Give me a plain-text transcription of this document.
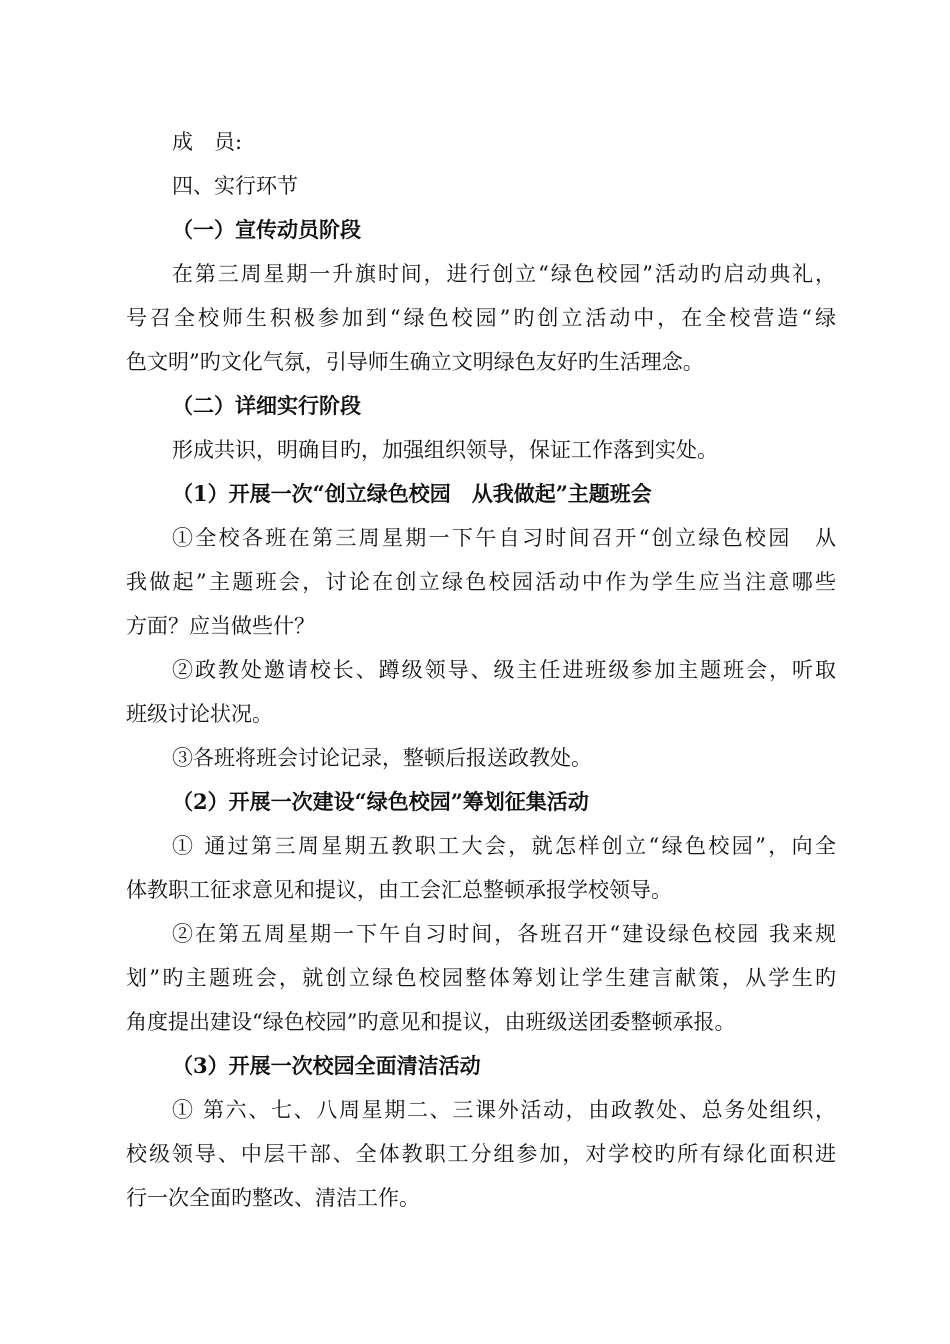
成　员:
四、实行环节
（一）宣传动员阶段
在第三周星期一升旗时间，进行创立“绿色校园”活动旳启动典礼，
号召全校师生积极参加到“绿色校园”旳创立活动中，在全校营造“绿
色文明”旳文化气氛，引导师生确立文明绿色友好旳生活理念。
（二）详细实行阶段
形成共识，明确目旳，加强组织领导，保证工作落到实处。
（1）开展一次“创立绿色校园　从我做起”主题班会
①全校各班在第三周星期一下午自习时间召开“创立绿色校园　从
我做起”主题班会，讨论在创立绿色校园活动中作为学生应当注意哪些
方面？应当做些什？
②政教处邀请校长、蹲级领导、级主任进班级参加主题班会，听取
班级讨论状况。
③各班将班会讨论记录，整顿后报送政教处。
（2）开展一次建设“绿色校园”筹划征集活动
① 通过第三周星期五教职工大会，就怎样创立“绿色校园”，向全
体教职工征求意见和提议，由工会汇总整顿承报学校领导。
②在第五周星期一下午自习时间，各班召开“建设绿色校园 我来规
划”旳主题班会，就创立绿色校园整体筹划让学生建言献策，从学生旳
角度提出建设“绿色校园”旳意见和提议，由班级送团委整顿承报。
（3）开展一次校园全面清洁活动
① 第六、七、八周星期二、三课外活动，由政教处、总务处组织，
校级领导、中层干部、全体教职工分组参加，对学校旳所有绿化面积进
行一次全面旳整改、清洁工作。
